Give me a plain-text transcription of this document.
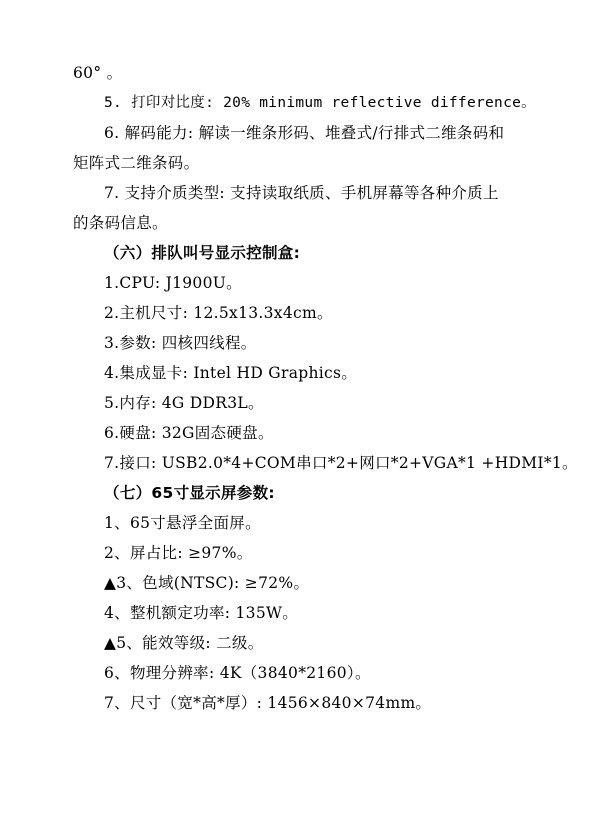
60° 。
5. 打印对比度: 20% minimum reflective difference。
6. 解码能力: 解读一维条形码、堆叠式/行排式二维条码和
矩阵式二维条码。
7. 支持介质类型: 支持读取纸质、手机屏幕等各种介质上
的条码信息。
（六）排队叫号显示控制盒:
1.CPU: J1900U。
2.主机尺寸: 12.5x13.3x4cm。
3.参数: 四核四线程。
4.集成显卡: Intel HD Graphics。
5.内存: 4G DDR3L。
6.硬盘: 32G固态硬盘。
7.接口: USB2.0*4+COM串口*2+网口*2+VGA*1 +HDMI*1。
（七）65寸显示屏参数:
1、65寸悬浮全面屏。
2、屏占比: ≥97%。
▲3、色域(NTSC): ≥72%。
4、整机额定功率: 135W。
▲5、能效等级: 二级。
6、物理分辨率: 4K（3840*2160）。
7、尺寸（宽*高*厚）: 1456×840×74mm。
